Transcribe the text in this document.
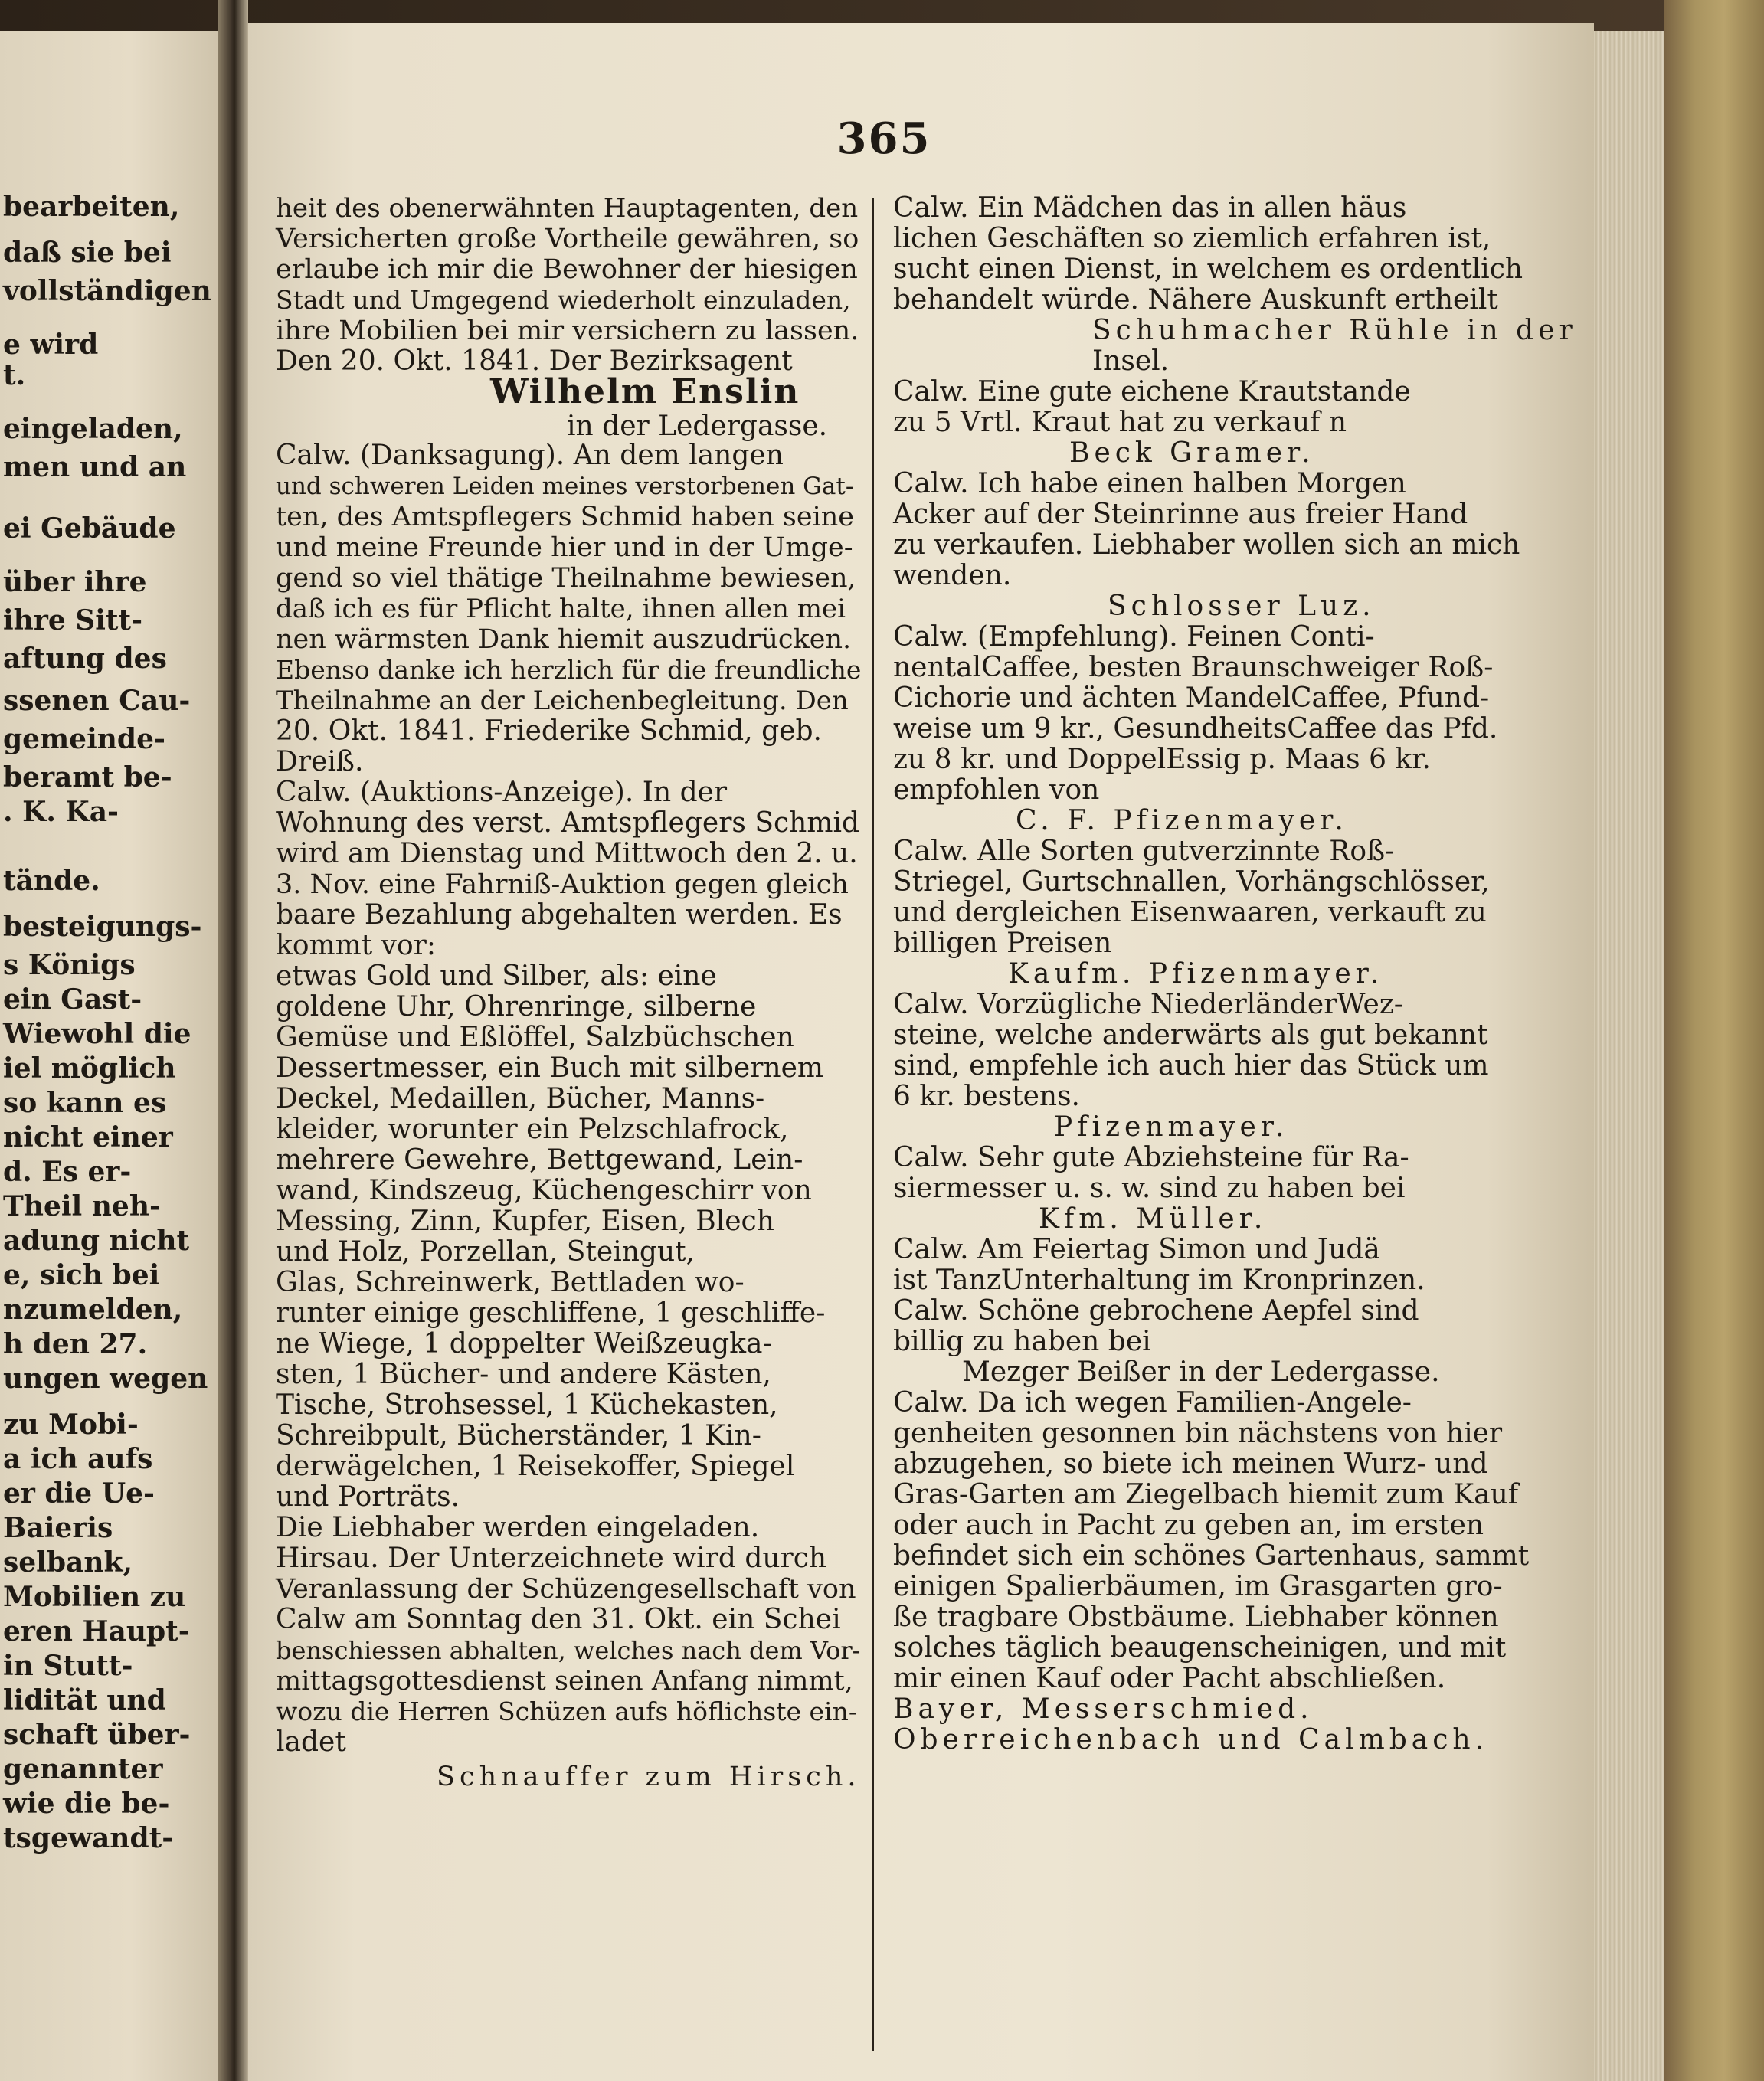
bearbeiten,
daß sie bei
vollständigen
e wird
t.
eingeladen,
men und an
ei Gebäude
über ihre
ihre Sitt-
aftung des
ssenen Cau-
gemeinde-
beramt be-
. K. Ka-
tände.
besteigungs-
s Königs
ein Gast-
Wiewohl die
iel möglich
so kann es
nicht einer
d. Es er-
Theil neh-
adung nicht
e, sich bei
nzumelden,
h den 27.
ungen wegen
zu Mobi-
a ich aufs
er die Ue-
Baieris
selbank,
Mobilien zu
eren Haupt-
in Stutt-
lidität und
schaft über-
genannter
wie die be-
tsgewandt-
365
heit des obenerwähnten Hauptagenten, den
Versicherten große Vortheile gewähren, so
erlaube ich mir die Bewohner der hiesigen
Stadt und Umgegend wiederholt einzuladen,
ihre Mobilien bei mir versichern zu lassen.
Den 20. Okt. 1841. Der Bezirksagent
Wilhelm Enslin
in der Ledergasse.
Calw. (Danksagung). An dem langen
und schweren Leiden meines verstorbenen Gat-
ten, des Amtspflegers Schmid haben seine
und meine Freunde hier und in der Umge-
gend so viel thätige Theilnahme bewiesen,
daß ich es für Pflicht halte, ihnen allen mei
nen wärmsten Dank hiemit auszudrücken.
Ebenso danke ich herzlich für die freundliche
Theilnahme an der Leichenbegleitung. Den
20. Okt. 1841. Friederike Schmid, geb.
Dreiß.
Calw. (Auktions-Anzeige). In der
Wohnung des verst. Amtspflegers Schmid
wird am Dienstag und Mittwoch den 2. u.
3. Nov. eine Fahrniß-Auktion gegen gleich
baare Bezahlung abgehalten werden. Es
kommt vor:
etwas Gold und Silber, als: eine
goldene Uhr, Ohrenringe, silberne
Gemüse und Eßlöffel, Salzbüchschen
Dessertmesser, ein Buch mit silbernem
Deckel, Medaillen, Bücher, Manns-
kleider, worunter ein Pelzschlafrock,
mehrere Gewehre, Bettgewand, Lein-
wand, Kindszeug, Küchengeschirr von
Messing, Zinn, Kupfer, Eisen, Blech
und Holz, Porzellan, Steingut,
Glas, Schreinwerk, Bettladen wo-
runter einige geschliffene, 1 geschliffe-
ne Wiege, 1 doppelter Weißzeugka-
sten, 1 Bücher- und andere Kästen,
Tische, Strohsessel, 1 Küchekasten,
Schreibpult, Bücherständer, 1 Kin-
derwägelchen, 1 Reisekoffer, Spiegel
und Porträts.
Die Liebhaber werden eingeladen.
Hirsau. Der Unterzeichnete wird durch
Veranlassung der Schüzengesellschaft von
Calw am Sonntag den 31. Okt. ein Schei
benschiessen abhalten, welches nach dem Vor-
mittagsgottesdienst seinen Anfang nimmt,
wozu die Herren Schüzen aufs höflichste ein-
ladet
Schnauffer zum Hirsch.
Calw. Ein Mädchen das in allen häus
lichen Geschäften so ziemlich erfahren ist,
sucht einen Dienst, in welchem es ordentlich
behandelt würde. Nähere Auskunft ertheilt
Schuhmacher Rühle in der
Insel.
Calw. Eine gute eichene Krautstande
zu 5 Vrtl. Kraut hat zu verkauf n
Beck Gramer.
Calw. Ich habe einen halben Morgen
Acker auf der Steinrinne aus freier Hand
zu verkaufen. Liebhaber wollen sich an mich
wenden.
Schlosser Luz.
Calw. (Empfehlung). Feinen Conti-
nentalCaffee, besten Braunschweiger Roß-
Cichorie und ächten MandelCaffee, Pfund-
weise um 9 kr., GesundheitsCaffee das Pfd.
zu 8 kr. und DoppelEssig p. Maas 6 kr.
empfohlen von
C. F. Pfizenmayer.
Calw. Alle Sorten gutverzinnte Roß-
Striegel, Gurtschnallen, Vorhängschlösser,
und dergleichen Eisenwaaren, verkauft zu
billigen Preisen
Kaufm. Pfizenmayer.
Calw. Vorzügliche NiederländerWez-
steine, welche anderwärts als gut bekannt
sind, empfehle ich auch hier das Stück um
6 kr. bestens.
Pfizenmayer.
Calw. Sehr gute Abziehsteine für Ra-
siermesser u. s. w. sind zu haben bei
Kfm. Müller.
Calw. Am Feiertag Simon und Judä
ist TanzUnterhaltung im Kronprinzen.
Calw. Schöne gebrochene Aepfel sind
billig zu haben bei
Mezger Beißer in der Ledergasse.
Calw. Da ich wegen Familien-Angele-
genheiten gesonnen bin nächstens von hier
abzugehen, so biete ich meinen Wurz- und
Gras-Garten am Ziegelbach hiemit zum Kauf
oder auch in Pacht zu geben an, im ersten
befindet sich ein schönes Gartenhaus, sammt
einigen Spalierbäumen, im Grasgarten gro-
ße tragbare Obstbäume. Liebhaber können
solches täglich beaugenscheinigen, und mit
mir einen Kauf oder Pacht abschließen.
Bayer, Messerschmied.
Oberreichenbach und Calmbach.
